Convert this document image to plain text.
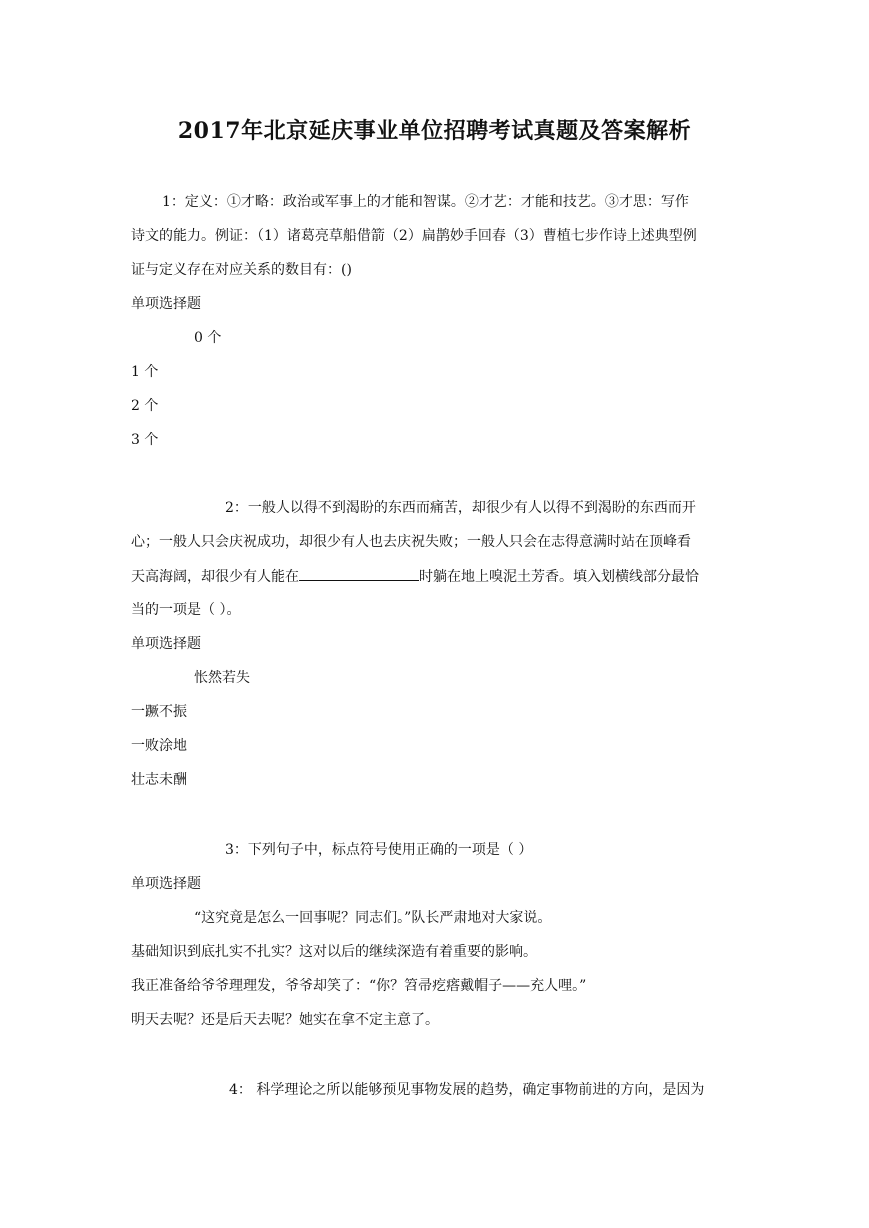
2017年北京延庆事业单位招聘考试真题及答案解析
1：定义：①才略：政治或军事上的才能和智谋。②才艺：才能和技艺。③才思：写作
诗文的能力。例证：（1）诸葛亮草船借箭（2）扁鹊妙手回春（3）曹植七步作诗上述典型例
证与定义存在对应关系的数目有：()
单项选择题
0 个
1 个
2 个
3 个
2：一般人以得不到渴盼的东西而痛苦，却很少有人以得不到渴盼的东西而开
心；一般人只会庆祝成功，却很少有人也去庆祝失败；一般人只会在志得意满时站在顶峰看
天高海阔，却很少有人能在	时躺在地上嗅泥土芳香。填入划横线部分最恰
当的一项是（ ）。
单项选择题
怅然若失
一蹶不振
一败涂地
壮志未酬
3：下列句子中，标点符号使用正确的一项是（ ）
单项选择题
“这究竟是怎么一回事呢？同志们。”队长严肃地对大家说。
基础知识到底扎实不扎实？这对以后的继续深造有着重要的影响。
我正准备给爷爷理理发，爷爷却笑了：“你？笤帚疙瘩戴帽子——充人哩。”
明天去呢？还是后天去呢？她实在拿不定主意了。
4： 科学理论之所以能够预见事物发展的趋势，确定事物前进的方向，是因为
